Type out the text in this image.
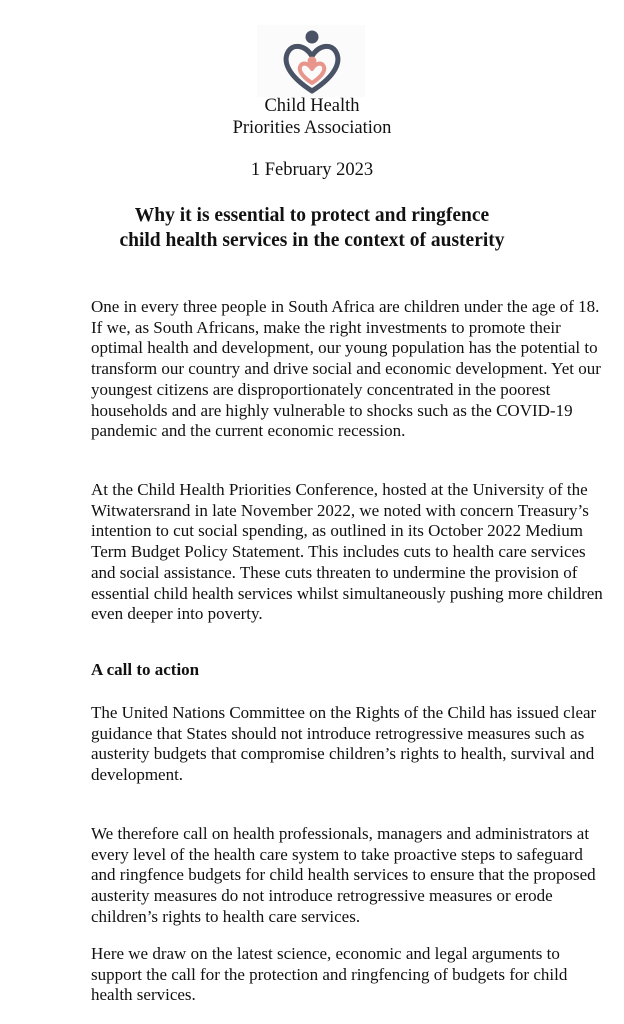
Child Health
Priorities Association
1 February 2023
Why it is essential to protect and ringfence
child health services in the context of austerity

One in every three people in South Africa are children under the age of 18. If we, as South Africans, make the right investments to promote their optimal health and development, our young population has the potential to transform our country and drive social and economic development. Yet our youngest citizens are disproportionately concentrated in the poorest households and are highly vulnerable to shocks such as the COVID-19 pandemic and the current economic recession.

At the Child Health Priorities Conference, hosted at the University of the Witwatersrand in late November 2022, we noted with concern Treasury’s intention to cut social spending, as outlined in its October 2022 Medium Term Budget Policy Statement. This includes cuts to health care services and social assistance. These cuts threaten to undermine the provision of essential child health services whilst simultaneously pushing more children even deeper into poverty.

A call to action

The United Nations Committee on the Rights of the Child has issued clear guidance that States should not introduce retrogressive measures such as austerity budgets that compromise children’s rights to health, survival and development.

We therefore call on health professionals, managers and administrators at every level of the health care system to take proactive steps to safeguard and ringfence budgets for child health services to ensure that the proposed austerity measures do not introduce retrogressive measures or erode children’s rights to health care services.

Here we draw on the latest science, economic and legal arguments to support the call for the protection and ringfencing of budgets for child health services.
